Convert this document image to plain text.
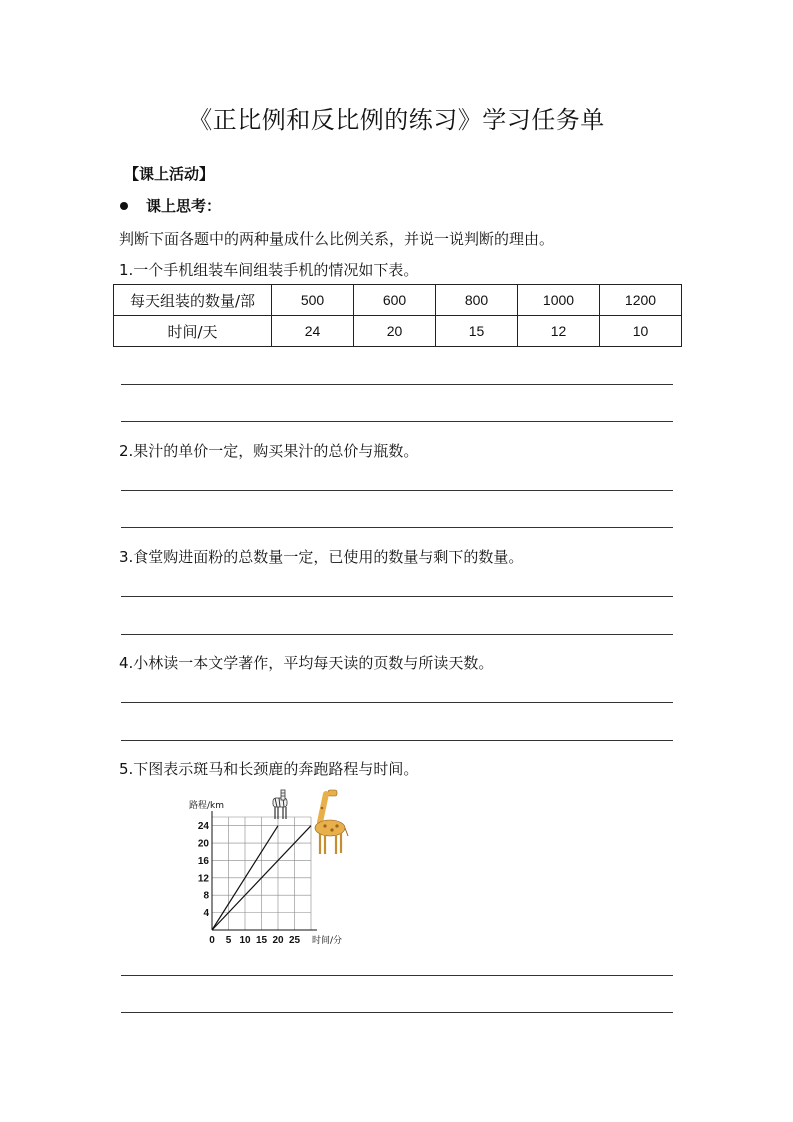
《正比例和反比例的练习》学习任务单
【课上活动】
课上思考：
判断下面各题中的两种量成什么比例关系，并说一说判断的理由。
1.一个手机组装车间组装手机的情况如下表。
每天组装的数量/部	500	600	800	1000	1200
时间/天	24	20	15	12	10
2.果汁的单价一定，购买果汁的总价与瓶数。
3.食堂购进面粉的总数量一定，已使用的数量与剩下的数量。
4.小林读一本文学著作，平均每天读的页数与所读天数。
5.下图表示斑马和长颈鹿的奔跑路程与时间。
0 5 10 15 20 25
4
8
12
16
20
24
路程/km
时间/分
